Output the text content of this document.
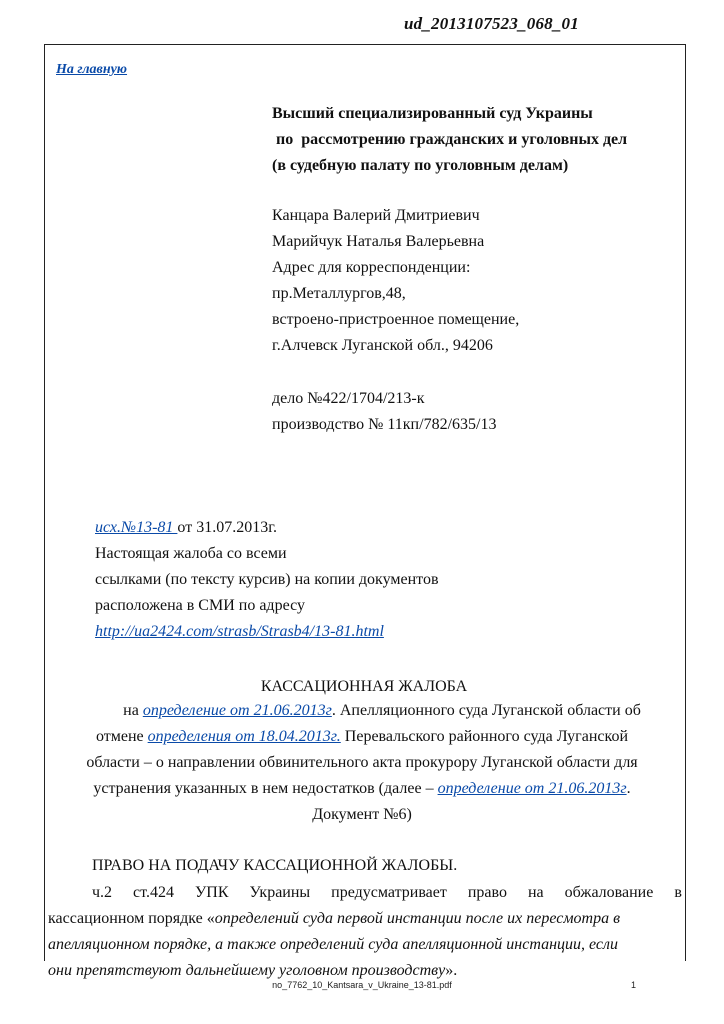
ud_2013107523_068_01
На главную
Высший специализированный суд Украины
по  рассмотрению гражданских и уголовных дел
(в судебную палату по уголовным делам)
Канцара Валерий Дмитриевич
Марийчук Наталья Валерьевна
Адрес для корреспонденции:
пр.Металлургов,48,
встроено-пристроенное помещение,
г.Алчевск Луганской обл., 94206
дело №422/1704/213-к
производство № 11кп/782/635/13
исх.№13-81 от 31.07.2013г.
Настоящая жалоба со всеми
ссылками (по тексту курсив) на копии документов
расположена в СМИ по адресу
http://ua2424.com/strasb/Strasb4/13-81.html
КАССАЦИОННАЯ ЖАЛОБА
на определение от 21.06.2013г. Апелляционного суда Луганской области об
отмене определения от 18.04.2013г. Перевальского районного суда Луганской
области – о направлении обвинительного акта прокурору Луганской области для
устранения указанных в нем недостатков (далее – определение от 21.06.2013г.
Документ №6)
ПРАВО НА ПОДАЧУ КАССАЦИОННОЙ ЖАЛОБЫ.
ч.2 ст.424 УПК Украины предусматривает право на обжалование в
кассационном порядке « определений суда первой инстанции после их пересмотра в
апелляционном порядке, а также определений суда апелляционной инстанции, если
они препятствуют дальнейшему уголовном производству ».
no_7762_10_Kantsara_v_Ukraine_13-81.pdf	1
